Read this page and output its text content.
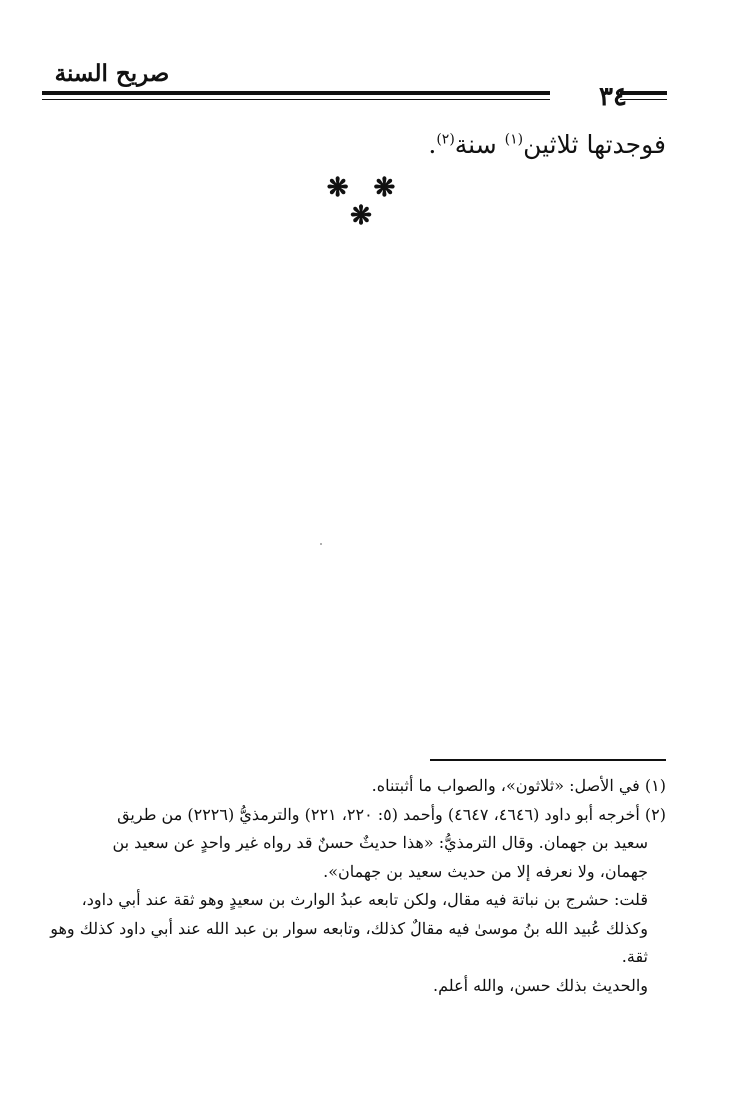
٣٤
صريح السنة
فوجدتها ثلاثين$^{(١)}$ سنة$^{(٢)}$.
❋ ❋ ❋
(١) في الأصل: «ثلاثون»، والصواب ما أثبتناه.
(٢) أخرجه أبو داود (٤٦٤٦، ٤٦٤٧) وأحمد (٥: ٢٢٠، ٢٢١) والترمذيُّ (٢٢٢٦) من طريق
سعيد بن جهمان. وقال الترمذيُّ: «هذا حديثٌ حسنٌ قد رواه غير واحدٍ عن سعيد بن
جهمان، ولا نعرفه إلا من حديث سعيد بن جهمان».
قلت: حشرج بن نباتة فيه مقال، ولكن تابعه عبدُ الوارث بن سعيدٍ وهو ثقة عند أبي داود،
وكذلك عُبيد الله بنُ موسىٰ فيه مقالٌ كذلك، وتابعه سوار بن عبد الله عند أبي داود كذلك وهو
ثقة.
والحديث بذلك حسن، والله أعلم.
